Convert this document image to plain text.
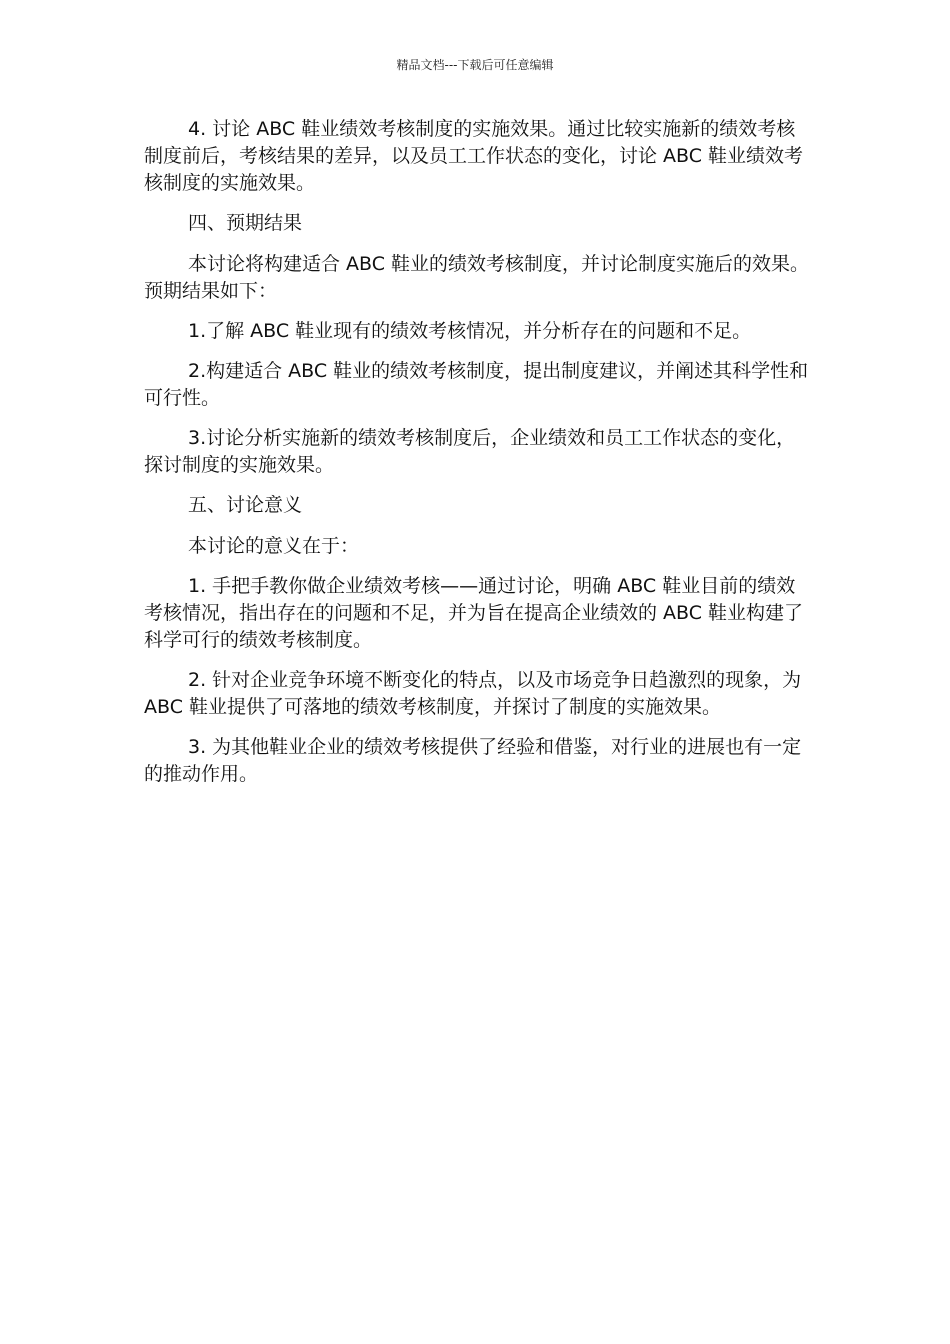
精品文档---下载后可任意编辑

4. 讨论 ABC 鞋业绩效考核制度的实施效果。通过比较实施新的绩效考核制度前后，考核结果的差异，以及员工工作状态的变化，讨论 ABC 鞋业绩效考核制度的实施效果。

四、预期结果

本讨论将构建适合 ABC 鞋业的绩效考核制度，并讨论制度实施后的效果。预期结果如下：

1.了解 ABC 鞋业现有的绩效考核情况，并分析存在的问题和不足。

2.构建适合 ABC 鞋业的绩效考核制度，提出制度建议，并阐述其科学性和可行性。

3.讨论分析实施新的绩效考核制度后，企业绩效和员工工作状态的变化，探讨制度的实施效果。

五、讨论意义

本讨论的意义在于：

1. 手把手教你做企业绩效考核——通过讨论，明确 ABC 鞋业目前的绩效考核情况，指出存在的问题和不足，并为旨在提高企业绩效的 ABC 鞋业构建了科学可行的绩效考核制度。

2. 针对企业竞争环境不断变化的特点，以及市场竞争日趋激烈的现象，为 ABC 鞋业提供了可落地的绩效考核制度，并探讨了制度的实施效果。

3. 为其他鞋业企业的绩效考核提供了经验和借鉴，对行业的进展也有一定的推动作用。
